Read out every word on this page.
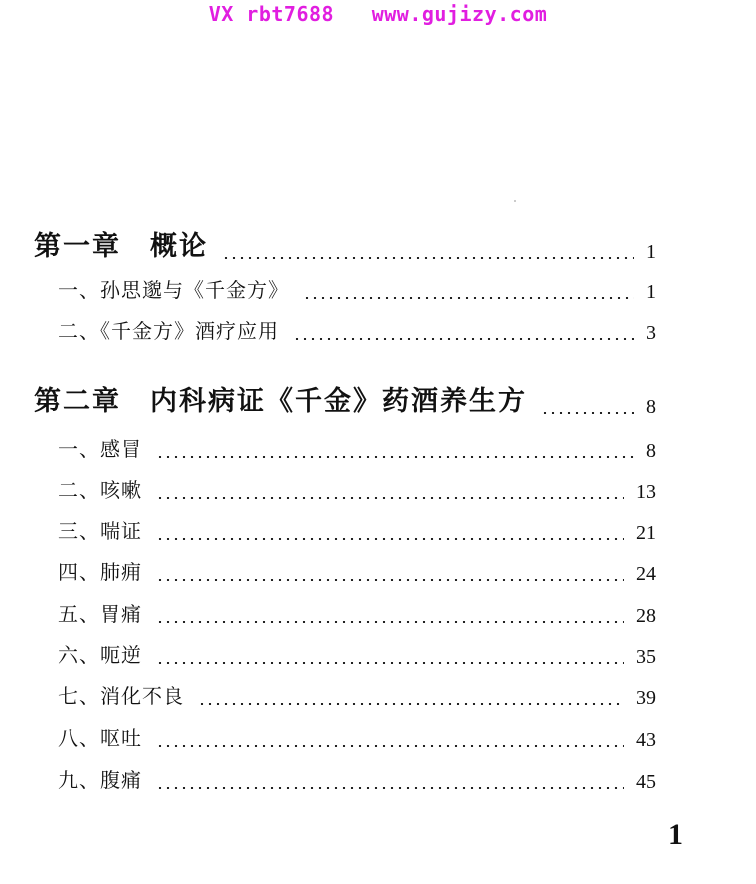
VX rbt7688   www.gujizy.com
第一章　概论	1
一、孙思邈与《千金方》	1
二、《千金方》酒疗应用	3
第二章　内科病证《千金》药酒养生方	8
一、感冒	8
二、咳嗽	13
三、喘证	21
四、肺痈	24
五、胃痛	28
六、呃逆	35
七、消化不良	39
八、呕吐	43
九、腹痛	45
1
